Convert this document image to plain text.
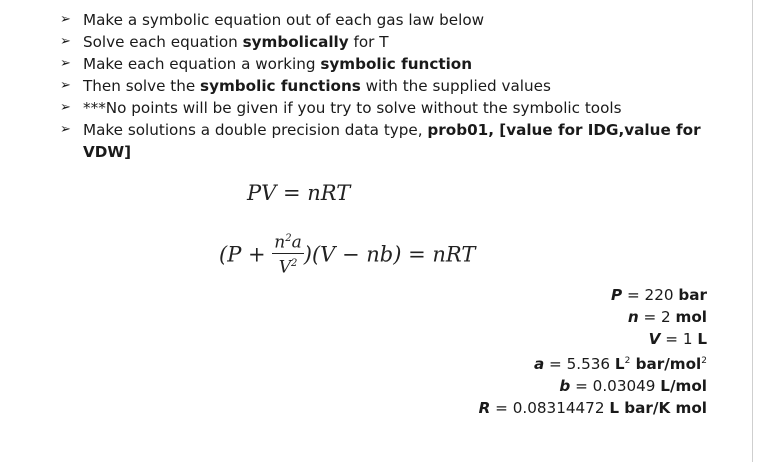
➢ Make a symbolic equation out of each gas law below
➢ Solve each equation symbolically for T
➢ Make each equation a working symbolic function
➢ Then solve the symbolic functions with the supplied values
➢ ***No points will be given if you try to solve without the symbolic tools
➢ Make solutions a double precision data type, prob01, [value for IDG,value for VDW]
PV = nRT
$(P + \frac{n^2a}{V^2} )(V - nb)$ = nRT
P = 220 bar
n = 2 mol
V = 1 L
a = 5.536 $L^2$ bar/mol$^2$
b = 0.03049 L/mol
R = 0.08314472 L bar/K mol
